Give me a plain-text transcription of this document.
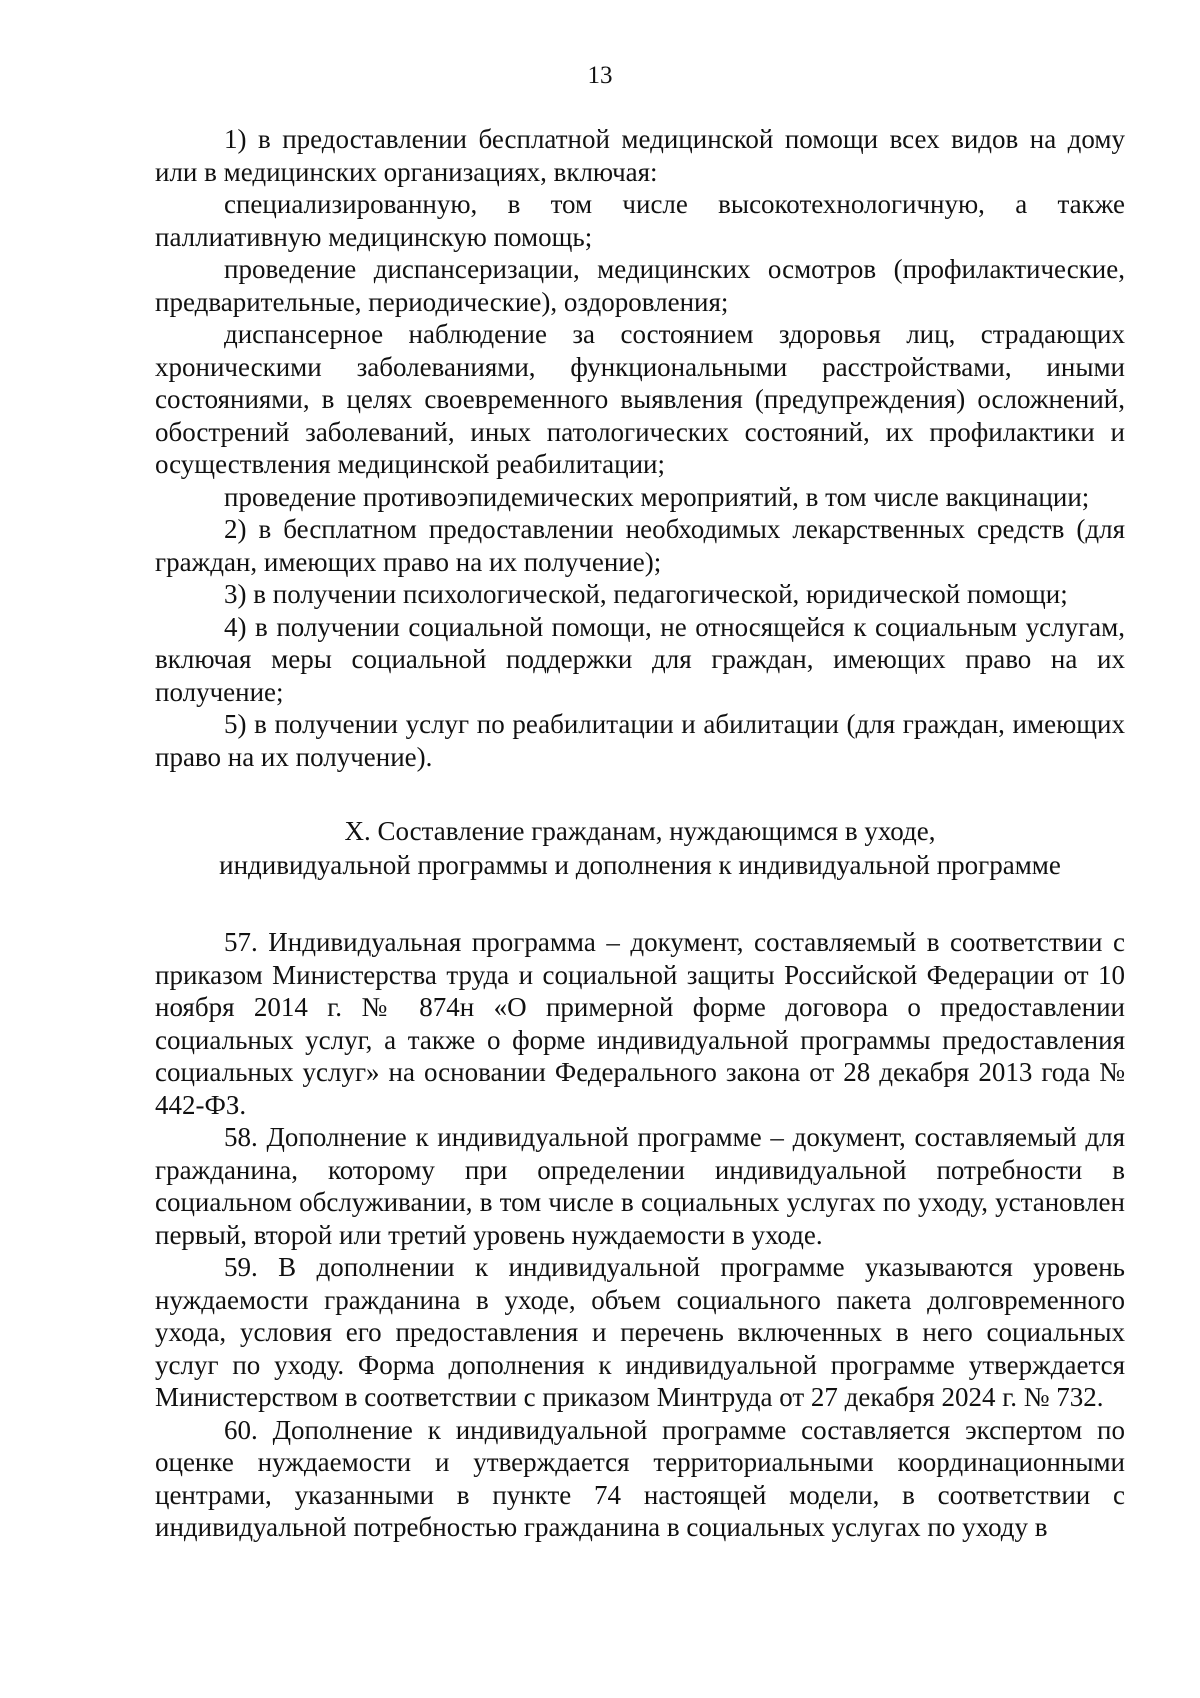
13

1) в предоставлении бесплатной медицинской помощи всех видов на дому или в медицинских организациях, включая:

специализированную, в том числе высокотехнологичную, а также паллиативную медицинскую помощь;

проведение диспансеризации, медицинских осмотров (профилактические, предварительные, периодические), оздоровления;

диспансерное наблюдение за состоянием здоровья лиц, страдающих хроническими заболеваниями, функциональными расстройствами, иными состояниями, в целях своевременного выявления (предупреждения) осложнений, обострений заболеваний, иных патологических состояний, их профилактики и осуществления медицинской реабилитации;

проведение противоэпидемических мероприятий, в том числе вакцинации;

2) в бесплатном предоставлении необходимых лекарственных средств (для граждан, имеющих право на их получение);

3) в получении психологической, педагогической, юридической помощи;

4) в получении социальной помощи, не относящейся к социальным услугам, включая меры социальной поддержки для граждан, имеющих право на их получение;

5) в получении услуг по реабилитации и абилитации (для граждан, имеющих право на их получение).

X. Составление гражданам, нуждающимся в уходе,
индивидуальной программы и дополнения к индивидуальной программе

57. Индивидуальная программа – документ, составляемый в соответствии с приказом Министерства труда и социальной защиты Российской Федерации от 10 ноября 2014 г. № 874н «О примерной форме договора о предоставлении социальных услуг, а также о форме индивидуальной программы предоставления социальных услуг» на основании Федерального закона от 28 декабря 2013 года № 442-ФЗ.

58. Дополнение к индивидуальной программе – документ, составляемый для гражданина, которому при определении индивидуальной потребности в социальном обслуживании, в том числе в социальных услугах по уходу, установлен первый, второй или третий уровень нуждаемости в уходе.

59. В дополнении к индивидуальной программе указываются уровень нуждаемости гражданина в уходе, объем социального пакета долговременного ухода, условия его предоставления и перечень включенных в него социальных услуг по уходу. Форма дополнения к индивидуальной программе утверждается Министерством в соответствии с приказом Минтруда от 27 декабря 2024 г. № 732.

60. Дополнение к индивидуальной программе составляется экспертом по оценке нуждаемости и утверждается территориальными координационными центрами, указанными в пункте 74 настоящей модели, в соответствии с индивидуальной потребностью гражданина в социальных услугах по уходу в
